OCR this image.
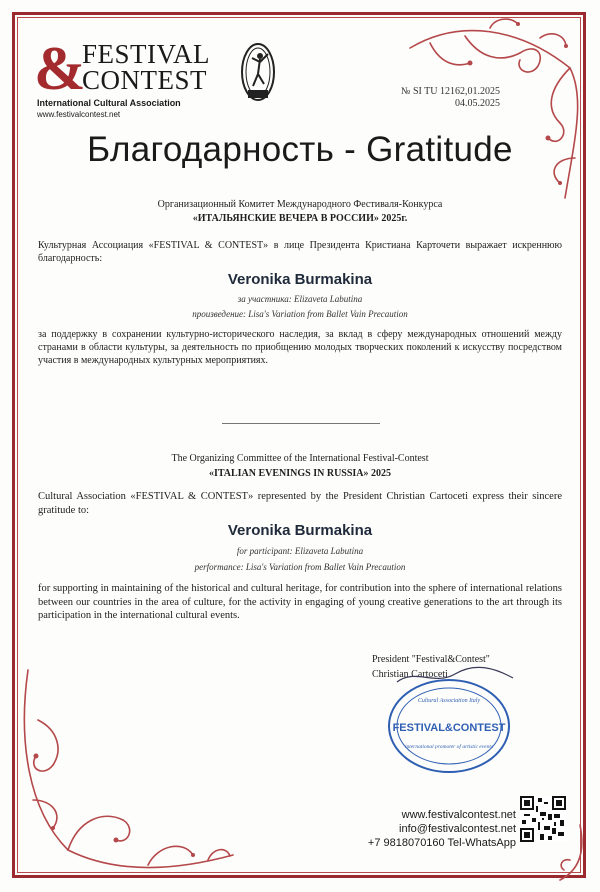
&
FESTIVAL
CONTEST
International Cultural Association
www.festivalcontest.net
№ SI TU 12162,01.2025
04.05.2025
Благодарность - Gratitude
Организационный Комитет Международного Фестиваля-Конкурса
«ИТАЛЬЯНСКИЕ ВЕЧЕРА В РОССИИ» 2025г.
Культурная Ассоциация «FESTIVAL & CONTEST» в лице Президента Кристиана Карточети выражает искреннюю благодарность:
Veronika Burmakina
за участника: Elizaveta Labutina
произведение: Lisa's Variation from Ballet Vain Precaution
за поддержку в сохранении культурно-исторического наследия, за вклад в сферу международных отношений между странами в области культуры, за деятельность по приобщению молодых творческих поколений к искусству посредством участия в международных культурных мероприятиях.
The Organizing Committee of the International Festival-Contest
«ITALIAN EVENINGS IN RUSSIA» 2025
Cultural Association «FESTIVAL & CONTEST» represented by the President Christian Cartoceti express their sincere gratitude to:
Veronika Burmakina
for participant: Elizaveta Labutina
performance: Lisa's Variation from Ballet Vain Precaution
for supporting in maintaining of the historical and cultural heritage, for contribution into the sphere of international relations between our countries in the area of culture, for the activity in engaging of young creative generations to the art through its participation in the international cultural events.
President "Festival&Contest"
Christian Cartoceti
Cultural Association Italy
FESTIVAL&CONTEST
international promoter of artistic events
www.festivalcontest.net
info@festivalcontest.net
+7 9818070160 Tel-WhatsApp
